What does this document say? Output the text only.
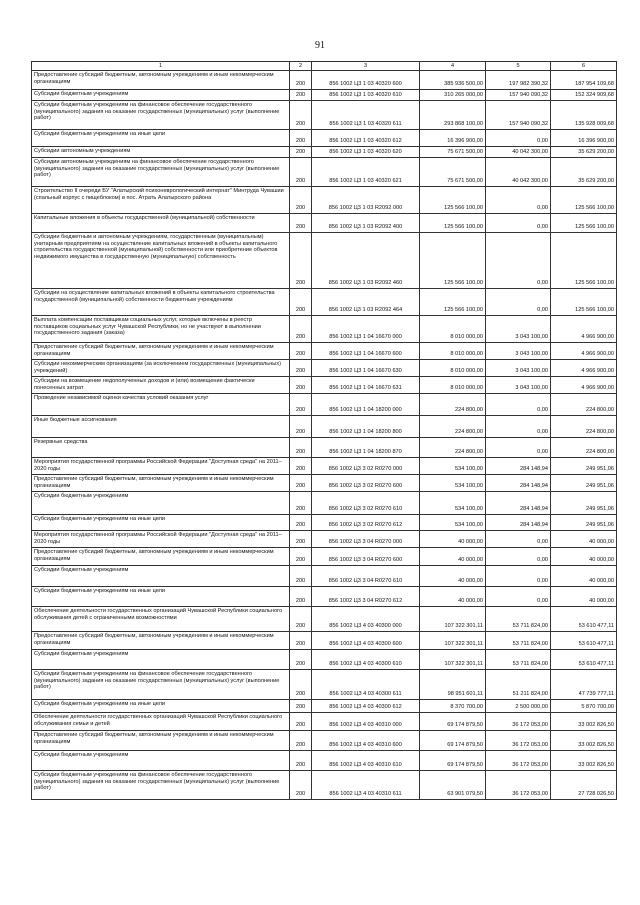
91
1	2	3	4	5	6
Предоставление субсидий бюджетным, автономным учреждениям и иным некоммерческим организациям	200	856 1002 Ц3 1 03 40320 600	385 936 500,00	197 982 390,32	187 954 109,68
Субсидии бюджетным учреждениям	200	856 1002 Ц3 1 03 40320 610	310 265 000,00	157 940 090,32	152 324 909,68
Субсидии бюджетным учреждениям на финансовое обеспечение государственного (муниципального) задания на оказание государственных (муниципальных) услуг (выполнение работ)	200	856 1002 Ц3 1 03 40320 611	293 868 100,00	157 940 090,32	135 928 009,68
Субсидии бюджетным учреждениям на иные цели	200	856 1002 Ц3 1 03 40320 612	16 396 900,00	0,00	16 396 900,00
Субсидии автономным учреждениям	200	856 1002 Ц3 1 03 40320 620	75 671 500,00	40 042 300,00	35 629 200,00
Субсидии автономным учреждениям на финансовое обеспечение государственного (муниципального) задания на оказание государственных (муниципальных) услуг (выполнение работ)	200	856 1002 Ц3 1 03 40320 621	75 671 500,00	40 042 300,00	35 629 200,00
Строительство II очереди БУ "Алатырский психоневрологический интернат" Минтруда Чувашии (спальный корпус с пищеблоком) в пос. Атрать Алатырского района	200	856 1002 Ц3 1 03 R2092 000	125 566 100,00	0,00	125 566 100,00
Капитальные вложения в объекты государственной (муниципальной) собственности	200	856 1002 Ц3 1 03 R2092 400	125 566 100,00	0,00	125 566 100,00
Субсидии бюджетным и автономным учреждениям, государственным (муниципальным) унитарным предприятиям на осуществление капитальных вложений в объекты капитального строительства государственной (муниципальной) собственности или приобретение объектов недвижимого имущества в государственную (муниципальную) собственность	200	856 1002 Ц3 1 03 R2092 460	125 566 100,00	0,00	125 566 100,00
Субсидии на осуществление капитальных вложений в объекты капитального строительства государственной (муниципальной) собственности бюджетным учреждениям	200	856 1002 Ц3 1 03 R2092 464	125 566 100,00	0,00	125 566 100,00
Выплата компенсации поставщикам социальных услуг, которые включены в реестр поставщиков социальных услуг Чувашской Республики, но не участвуют в выполнении государственного задания (заказа)	200	856 1002 Ц3 1 04 16670 000	8 010 000,00	3 043 100,00	4 966 900,00
Предоставление субсидий бюджетным, автономным учреждениям и иным некоммерческим организациям	200	856 1002 Ц3 1 04 16670 600	8 010 000,00	3 043 100,00	4 966 900,00
Субсидии некоммерческим организациям (за исключением государственных (муниципальных) учреждений)	200	856 1002 Ц3 1 04 16670 630	8 010 000,00	3 043 100,00	4 966 900,00
Субсидии на возмещение недополученных доходов и (или) возмещение фактически понесенных затрат	200	856 1002 Ц3 1 04 16670 631	8 010 000,00	3 043 100,00	4 966 900,00
Проведение независимой оценки качества условий оказания услуг	200	856 1002 Ц3 1 04 18200 000	224 800,00	0,00	224 800,00
Иные бюджетные ассигнования	200	856 1002 Ц3 1 04 18200 800	224 800,00	0,00	224 800,00
Резервные средства	200	856 1002 Ц3 1 04 18200 870	224 800,00	0,00	224 800,00
Мероприятия государственной программы Российской Федерации "Доступная среда" на 2011–2020 годы	200	856 1002 Ц3 3 02 R0270 000	534 100,00	284 148,94	249 951,06
Предоставление субсидий бюджетным, автономным учреждениям и иным некоммерческим организациям	200	856 1002 Ц3 3 02 R0270 600	534 100,00	284 148,94	249 951,06
Субсидии бюджетным учреждениям	200	856 1002 Ц3 3 02 R0270 610	534 100,00	284 148,94	249 951,06
Субсидии бюджетным учреждениям на иные цели	200	856 1002 Ц3 3 02 R0270 612	534 100,00	284 148,94	249 951,06
Мероприятия государственной программы Российской Федерации "Доступная среда" на 2011–2020 годы	200	856 1002 Ц3 3 04 R0270 000	40 000,00	0,00	40 000,00
Предоставление субсидий бюджетным, автономным учреждениям и иным некоммерческим организациям	200	856 1002 Ц3 3 04 R0270 600	40 000,00	0,00	40 000,00
Субсидии бюджетным учреждениям	200	856 1002 Ц3 3 04 R0270 610	40 000,00	0,00	40 000,00
Субсидии бюджетным учреждениям на иные цели	200	856 1002 Ц3 3 04 R0270 612	40 000,00	0,00	40 000,00
Обеспечение деятельности государственных организаций Чувашской Республики социального обслуживания детей с ограниченными возможностями	200	856 1002 Ц3 4 03 40300 000	107 322 301,11	53 711 824,00	53 610 477,11
Предоставление субсидий бюджетным, автономным учреждениям и иным некоммерческим организациям	200	856 1002 Ц3 4 03 40300 600	107 322 301,11	53 711 824,00	53 610 477,11
Субсидии бюджетным учреждениям	200	856 1002 Ц3 4 03 40300 610	107 322 301,11	53 711 824,00	53 610 477,11
Субсидии бюджетным учреждениям на финансовое обеспечение государственного (муниципального) задания на оказание государственных (муниципальных) услуг (выполнение работ)	200	856 1002 Ц3 4 03 40300 611	98 951 601,11	51 211 824,00	47 739 777,11
Субсидии бюджетным учреждениям на иные цели	200	856 1002 Ц3 4 03 40300 612	8 370 700,00	2 500 000,00	5 870 700,00
Обеспечение деятельности государственных организаций Чувашской Республики социального обслуживания семьи и детей	200	856 1002 Ц3 4 03 40310 000	69 174 879,50	36 172 053,00	33 002 826,50
Предоставление субсидий бюджетным, автономным учреждениям и иным некоммерческим организациям	200	856 1002 Ц3 4 03 40310 600	69 174 879,50	36 172 053,00	33 002 826,50
Субсидии бюджетным учреждениям	200	856 1002 Ц3 4 03 40310 610	69 174 879,50	36 172 053,00	33 002 826,50
Субсидии бюджетным учреждениям на финансовое обеспечение государственного (муниципального) задания на оказание государственных (муниципальных) услуг (выполнение работ)	200	856 1002 Ц3 4 03 40310 611	63 901 079,50	36 172 053,00	27 728 026,50
